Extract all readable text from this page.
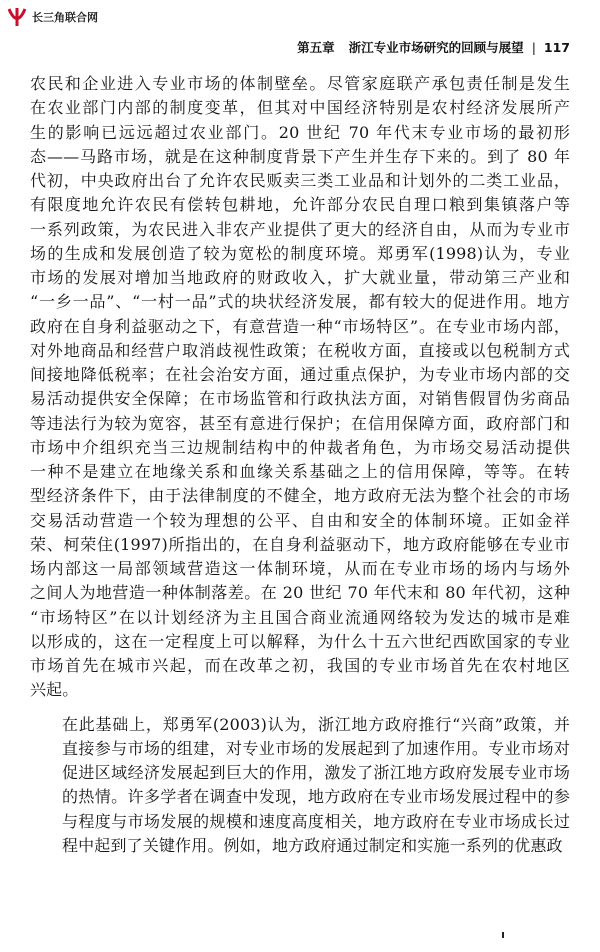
长三角联合网
第五章 浙江专业市场研究的回顾与展望 | 117
农民和企业进入专业市场的体制壁垒。尽管家庭联产承包责任制是发生
在农业部门内部的制度变革，但其对中国经济特别是农村经济发展所产
生的影响已远远超过农业部门。20 世纪 70 年代末专业市场的最初形
态——马路市场，就是在这种制度背景下产生并生存下来的。到了 80 年
代初，中央政府出台了允许农民贩卖三类工业品和计划外的二类工业品，
有限度地允许农民有偿转包耕地，允许部分农民自理口粮到集镇落户等
一系列政策，为农民进入非农产业提供了更大的经济自由，从而为专业市
场的生成和发展创造了较为宽松的制度环境。郑勇军(1998)认为，专业
市场的发展对增加当地政府的财政收入，扩大就业量，带动第三产业和
“一乡一品”、“一村一品”式的块状经济发展，都有较大的促进作用。地方
政府在自身利益驱动之下，有意营造一种“市场特区”。在专业市场内部，
对外地商品和经营户取消歧视性政策；在税收方面，直接或以包税制方式
间接地降低税率；在社会治安方面，通过重点保护，为专业市场内部的交
易活动提供安全保障；在市场监管和行政执法方面，对销售假冒伪劣商品
等违法行为较为宽容，甚至有意进行保护；在信用保障方面，政府部门和
市场中介组织充当三边规制结构中的仲裁者角色，为市场交易活动提供
一种不是建立在地缘关系和血缘关系基础之上的信用保障，等等。在转
型经济条件下，由于法律制度的不健全，地方政府无法为整个社会的市场
交易活动营造一个较为理想的公平、自由和安全的体制环境。正如金祥
荣、柯荣住(1997)所指出的，在自身利益驱动下，地方政府能够在专业市
场内部这一局部领域营造这一体制环境，从而在专业市场的场内与场外
之间人为地营造一种体制落差。在 20 世纪 70 年代末和 80 年代初，这种
“市场特区”在以计划经济为主且国合商业流通网络较为发达的城市是难
以形成的，这在一定程度上可以解释，为什么十五六世纪西欧国家的专业
市场首先在城市兴起，而在改革之初，我国的专业市场首先在农村地区
兴起。
在此基础上，郑勇军(2003)认为，浙江地方政府推行“兴商”政策，并
直接参与市场的组建，对专业市场的发展起到了加速作用。专业市场对
促进区域经济发展起到巨大的作用，激发了浙江地方政府发展专业市场
的热情。许多学者在调查中发现，地方政府在专业市场发展过程中的参
与程度与市场发展的规模和速度高度相关，地方政府在专业市场成长过
程中起到了关键作用。例如，地方政府通过制定和实施一系列的优惠政
